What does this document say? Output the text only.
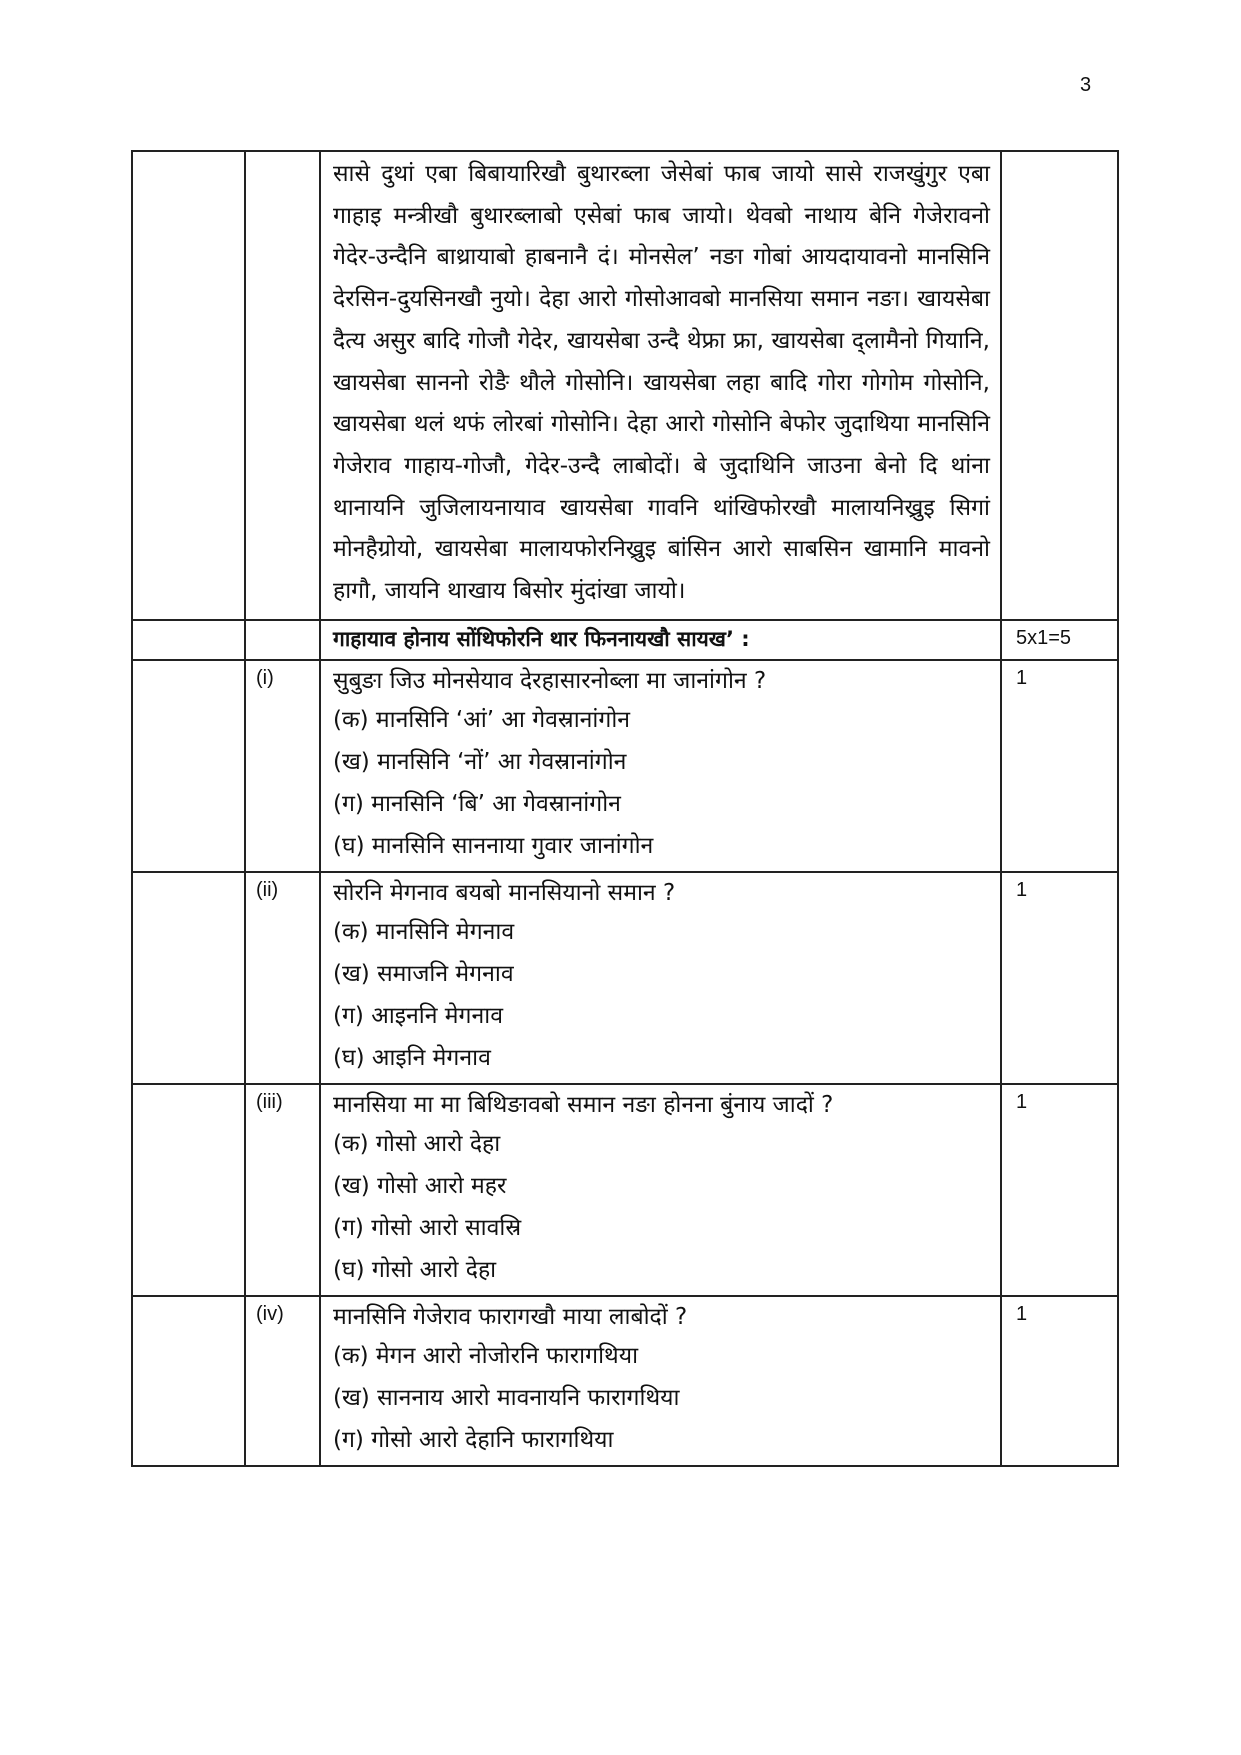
3

		सासे दुथां एबा बिबायारिखौ बुथारब्ला जेसेबां फाब जायो सासे राजखुंगुर एबा गाहाइ मन्त्रीखौ बुथारब्लाबो एसेबां फाब जायो। थेवबो नाथाय बेनि गेजेरावनो गेदेर-उन्दैनि बाथ्रायाबो हाबनानै दं। मोनसेल’ नङा गोबां आयदायावनो मानसिनि देरसिन-दुयसिनखौ नुयो। देहा आरो गोसोआवबो मानसिया समान नङा। खायसेबा दैत्य असुर बादि गोजौ गेदेर, खायसेबा उन्दै थेफ्रा फ्रा, खायसेबा द्लामैनो गियानि, खायसेबा साननो रोङै थौले गोसोनि। खायसेबा लहा बादि गोरा गोगोम गोसोनि, खायसेबा थलं थफं लोरबां गोसोनि। देहा आरो गोसोनि बेफोर जुदाथिया मानसिनि गेजेराव गाहाय-गोजौ, गेदेर-उन्दै लाबोदों। बे जुदाथिनि जाउना बेनो दि थांना थानायनि जुजिलायनायाव खायसेबा गावनि थांखिफोरखौ मालायनिख्रुइ सिगां मोनहैग्रोयो, खायसेबा मालायफोरनिख्रुइ बांसिन आरो साबसिन खामानि मावनो हागौ, जायनि थाखाय बिसोर मुंदांखा जायो।	

		गाहायाव होनाय सोंथिफोरनि थार फिननायखौ सायख’ :	5x1=5

	(i)	सुबुङा जिउ मोनसेयाव देरहासारनोब्ला मा जानांगोन ?
(क) मानसिनि ‘आं’ आ गेवस्रानांगोन
(ख) मानसिनि ‘नों’ आ गेवस्रानांगोन
(ग) मानसिनि ‘बि’ आ गेवस्रानांगोन
(घ) मानसिनि साननाया गुवार जानांगोन	1

	(ii)	सोरनि मेगनाव बयबो मानसियानो समान ?
(क) मानसिनि मेगनाव
(ख) समाजनि मेगनाव
(ग) आइननि मेगनाव
(घ) आइनि मेगनाव	1

	(iii)	मानसिया मा मा बिथिङावबो समान नङा होनना बुंनाय जादों ?
(क) गोसो आरो देहा
(ख) गोसो आरो महर
(ग) गोसो आरो सावस्रि
(घ) गोसो आरो देहा	1

	(iv)	मानसिनि गेजेराव फारागखौ माया लाबोदों ?
(क) मेगन आरो नोजोरनि फारागथिया
(ख) साननाय आरो मावनायनि फारागथिया
(ग) गोसो आरो देहानि फारागथिया	1
